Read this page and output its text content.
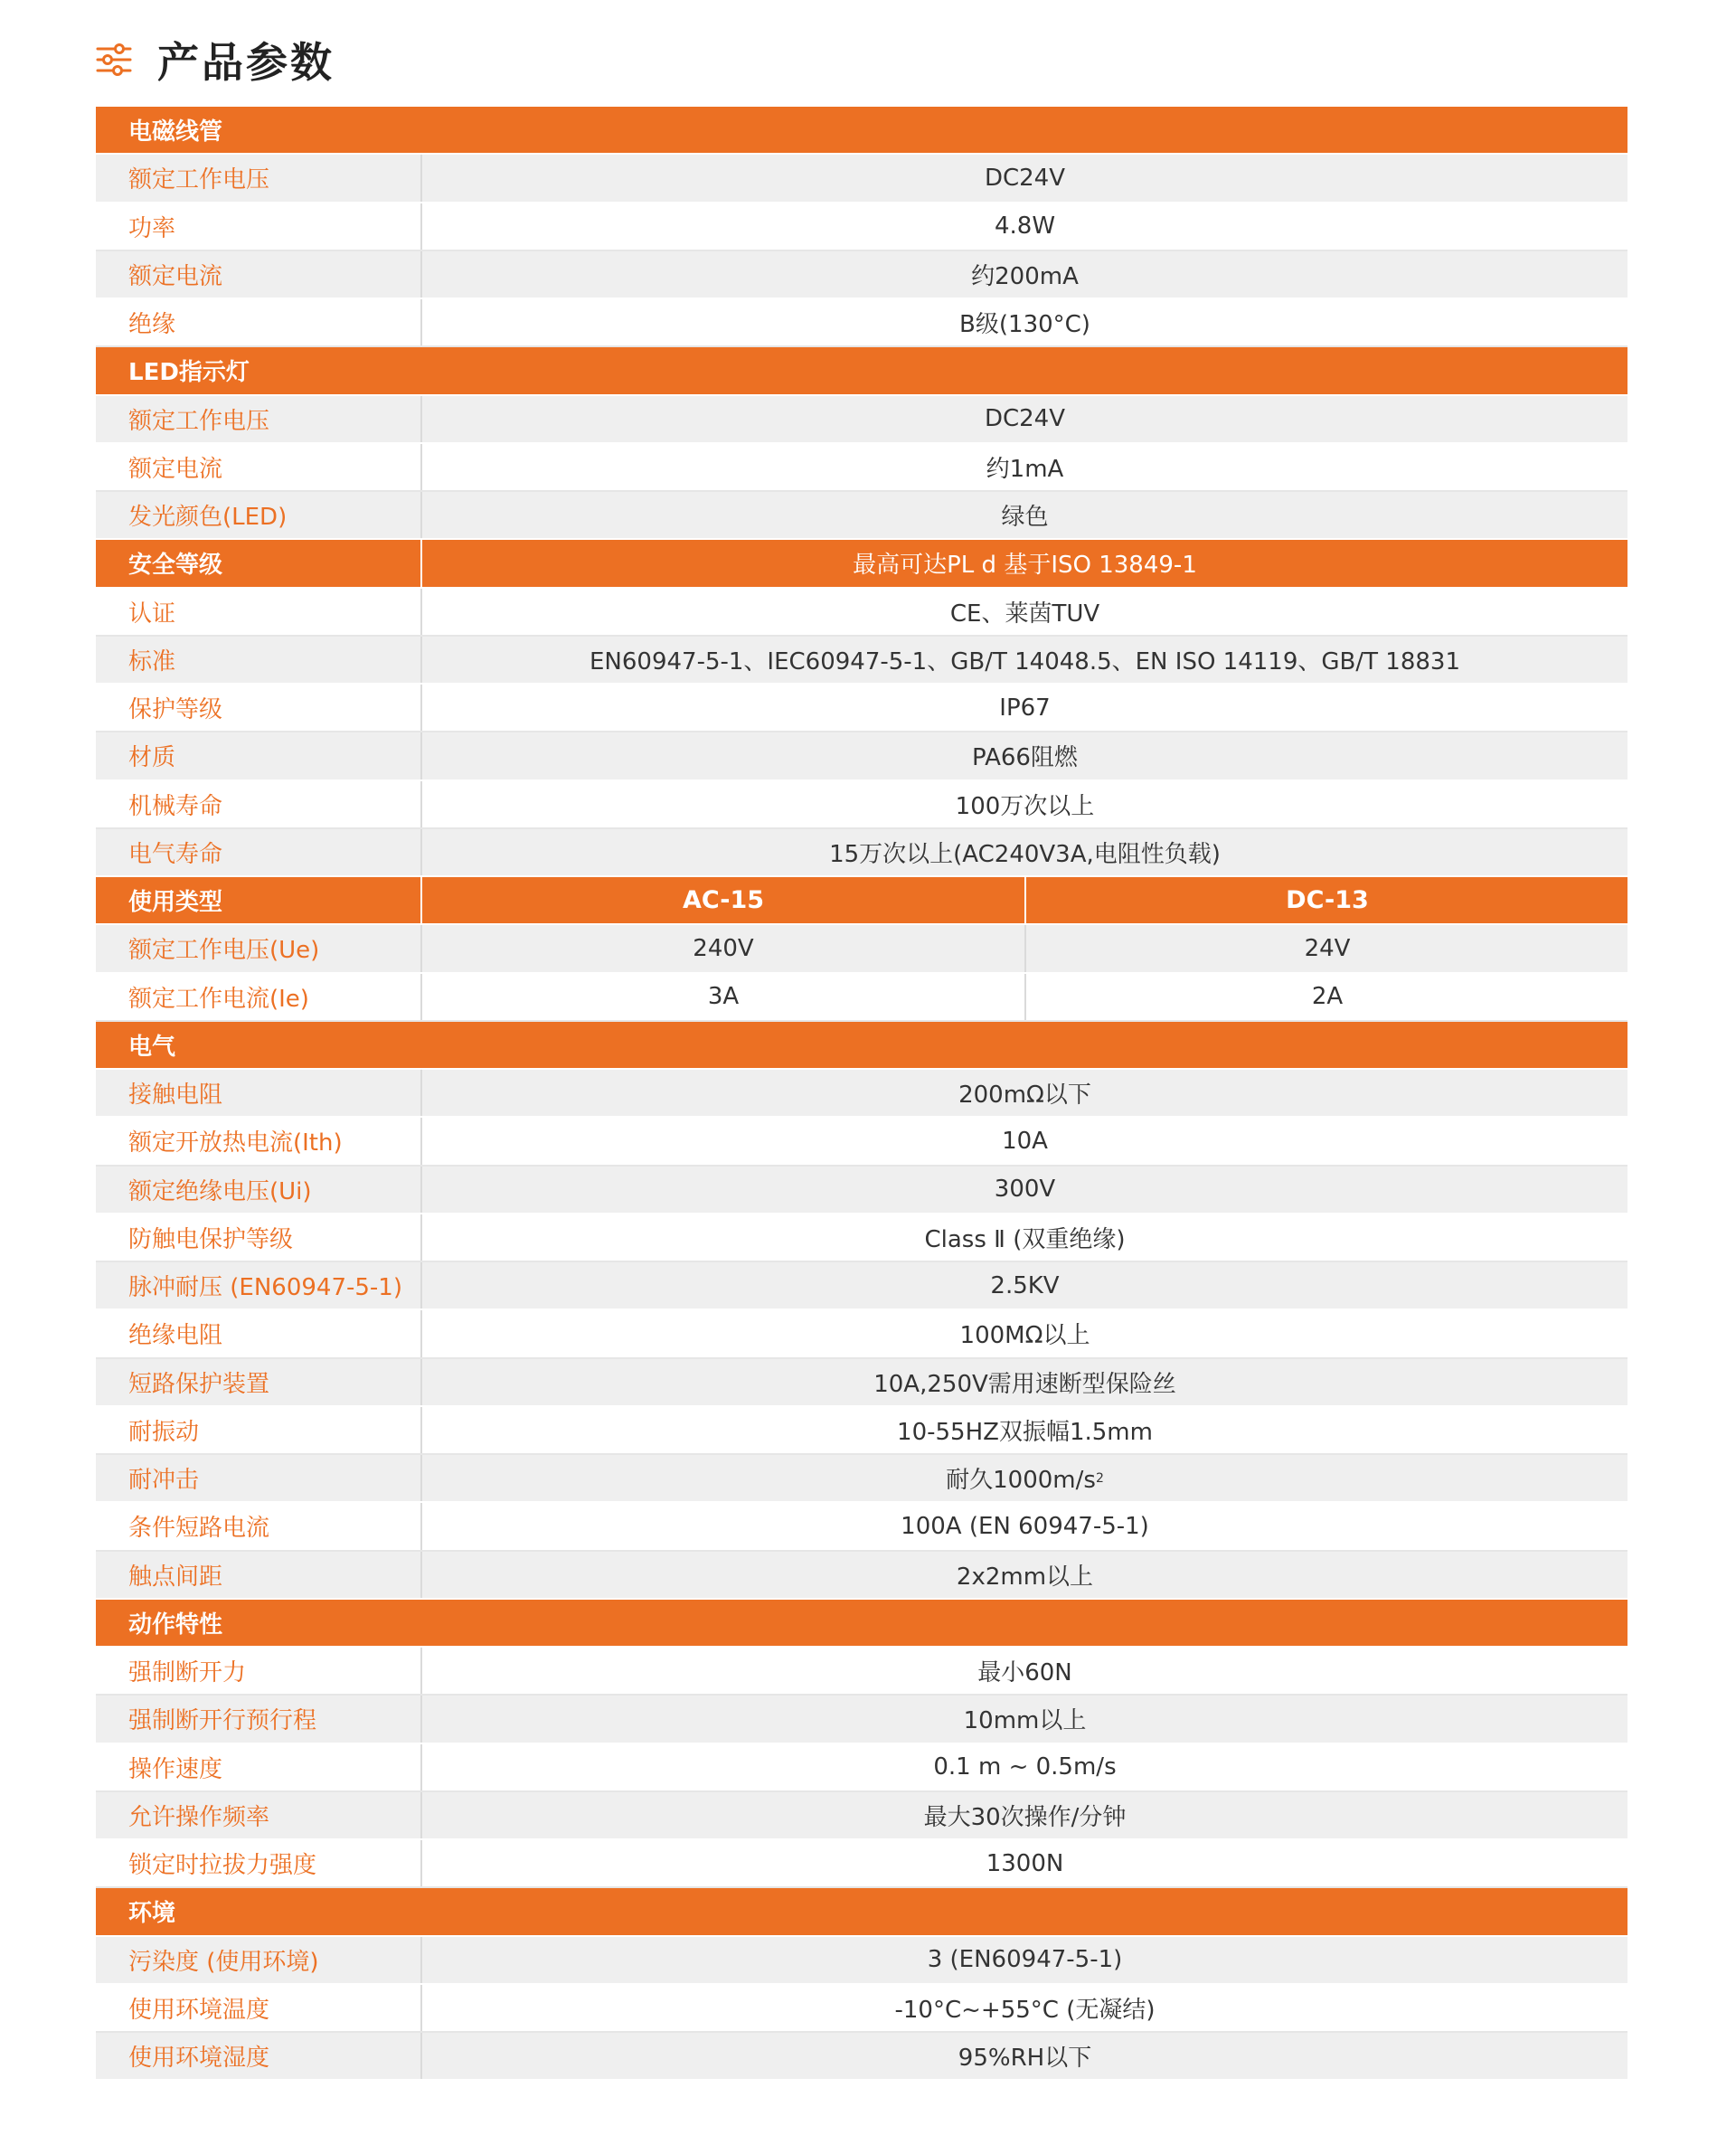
产品参数
电磁线管
额定工作电压	DC24V
功率	4.8W
额定电流	约200mA
绝缘	B级(130°C)
LED指示灯
额定工作电压	DC24V
额定电流	约1mA
发光颜色(LED)	绿色
安全等级	最高可达PL d 基于ISO 13849-1
认证	CE、莱茵TUV
标准	EN60947-5-1、IEC60947-5-1、GB/T 14048.5、EN ISO 14119、GB/T 18831
保护等级	IP67
材质	PA66阻燃
机械寿命	100万次以上
电气寿命	15万次以上(AC240V3A,电阻性负载)
使用类型	AC-15	DC-13
额定工作电压(Ue)	240V	24V
额定工作电流(Ie)	3A	2A
电气
接触电阻	200mΩ以下
额定开放热电流(Ith)	10A
额定绝缘电压(Ui)	300V
防触电保护等级	Class Ⅱ (双重绝缘)
脉冲耐压 (EN60947-5-1)	2.5KV
绝缘电阻	100MΩ以上
短路保护装置	10A,250V需用速断型保险丝
耐振动	10-55HZ双振幅1.5mm
耐冲击	耐久1000m/s 2
条件短路电流	100A (EN 60947-5-1)
触点间距	2x2mm以上
动作特性
强制断开力	最小60N
强制断开行预行程	10mm以上
操作速度	0.1 m ~ 0.5m/s
允许操作频率	最大30次操作/分钟
锁定时拉拔力强度	1300N
环境
污染度 (使用环境)	3 (EN60947-5-1)
使用环境温度	-10°C~+55°C (无凝结)
使用环境湿度	95%RH以下
